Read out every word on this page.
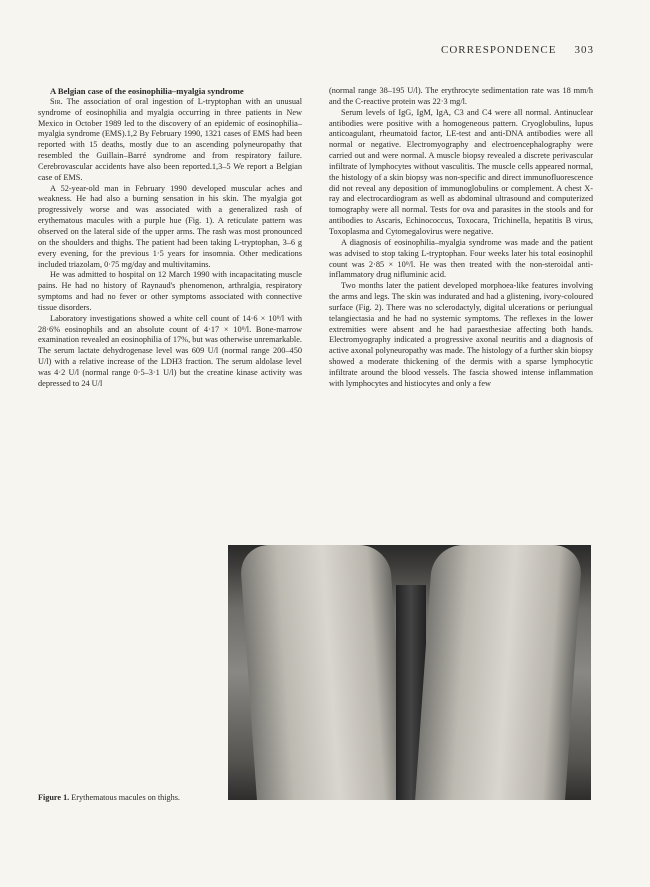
CORRESPONDENCE 303

A Belgian case of the eosinophilia–myalgia syndrome

Sir. The association of oral ingestion of L-tryptophan with an unusual syndrome of eosinophilia and myalgia occurring in three patients in New Mexico in October 1989 led to the discovery of an epidemic of eosinophilia–myalgia syndrome (EMS).1,2 By February 1990, 1321 cases of EMS had been reported with 15 deaths, mostly due to an ascending polyneuropathy that resembled the Guillain–Barré syndrome and from respiratory failure. Cerebrovascular accidents have also been reported.1,3–5 We report a Belgian case of EMS.

A 52-year-old man in February 1990 developed muscular aches and weakness. He had also a burning sensation in his skin. The myalgia got progressively worse and was associated with a generalized rash of erythematous macules with a purple hue (Fig. 1). A reticulate pattern was observed on the lateral side of the upper arms. The rash was most pronounced on the shoulders and thighs. The patient had been taking L-tryptophan, 3–6 g every evening, for the previous 1·5 years for insomnia. Other medications included triazolam, 0·75 mg/day and multivitamins.

He was admitted to hospital on 12 March 1990 with incapacitating muscle pains. He had no history of Raynaud's phenomenon, arthralgia, respiratory symptoms and had no fever or other symptoms associated with connective tissue disorders.

Laboratory investigations showed a white cell count of 14·6 × 10⁹/l with 28·6% eosinophils and an absolute count of 4·17 × 10⁹/l. Bone-marrow examination revealed an eosinophilia of 17%, but was otherwise unremarkable. The serum lactate dehydrogenase level was 609 U/l (normal range 200–450 U/l) with a relative increase of the LDH3 fraction. The serum aldolase level was 4·2 U/l (normal range 0·5–3·1 U/l) but the creatine kinase activity was depressed to 24 U/l

(normal range 38–195 U/l). The erythrocyte sedimentation rate was 18 mm/h and the C-reactive protein was 22·3 mg/l.

Serum levels of IgG, IgM, IgA, C3 and C4 were all normal. Antinuclear antibodies were positive with a homogeneous pattern. Cryoglobulins, lupus anticoagulant, rheumatoid factor, LE-test and anti-DNA antibodies were all normal or negative. Electromyography and electroencephalography were carried out and were normal. A muscle biopsy revealed a discrete perivascular infiltrate of lymphocytes without vasculitis. The muscle cells appeared normal, the histology of a skin biopsy was non-specific and direct immunofluorescence did not reveal any deposition of immunoglobulins or complement. A chest X-ray and electrocardiogram as well as abdominal ultrasound and computerized tomography were all normal. Tests for ova and parasites in the stools and for antibodies to Ascaris, Echinococcus, Toxocara, Trichinella, hepatitis B virus, Toxoplasma and Cytomegalovirus were negative.

A diagnosis of eosinophilia–myalgia syndrome was made and the patient was advised to stop taking L-tryptophan. Four weeks later his total eosinophil count was 2·85 × 10⁹/l. He was then treated with the non-steroidal anti-inflammatory drug nifluminic acid.

Two months later the patient developed morphoea-like features involving the arms and legs. The skin was indurated and had a glistening, ivory-coloured surface (Fig. 2). There was no sclerodactyly, digital ulcerations or periungual telangiectasia and he had no systemic symptoms. The reflexes in the lower extremities were absent and he had paraesthesiae affecting both hands. Electromyography indicated a progressive axonal neuritis and a diagnosis of active axonal polyneuropathy was made. The histology of a further skin biopsy showed a moderate thickening of the dermis with a sparse lymphocytic infiltrate around the blood vessels. The fascia showed intense inflammation with lymphocytes and histiocytes and only a few

Figure 1. Erythematous macules on thighs.
